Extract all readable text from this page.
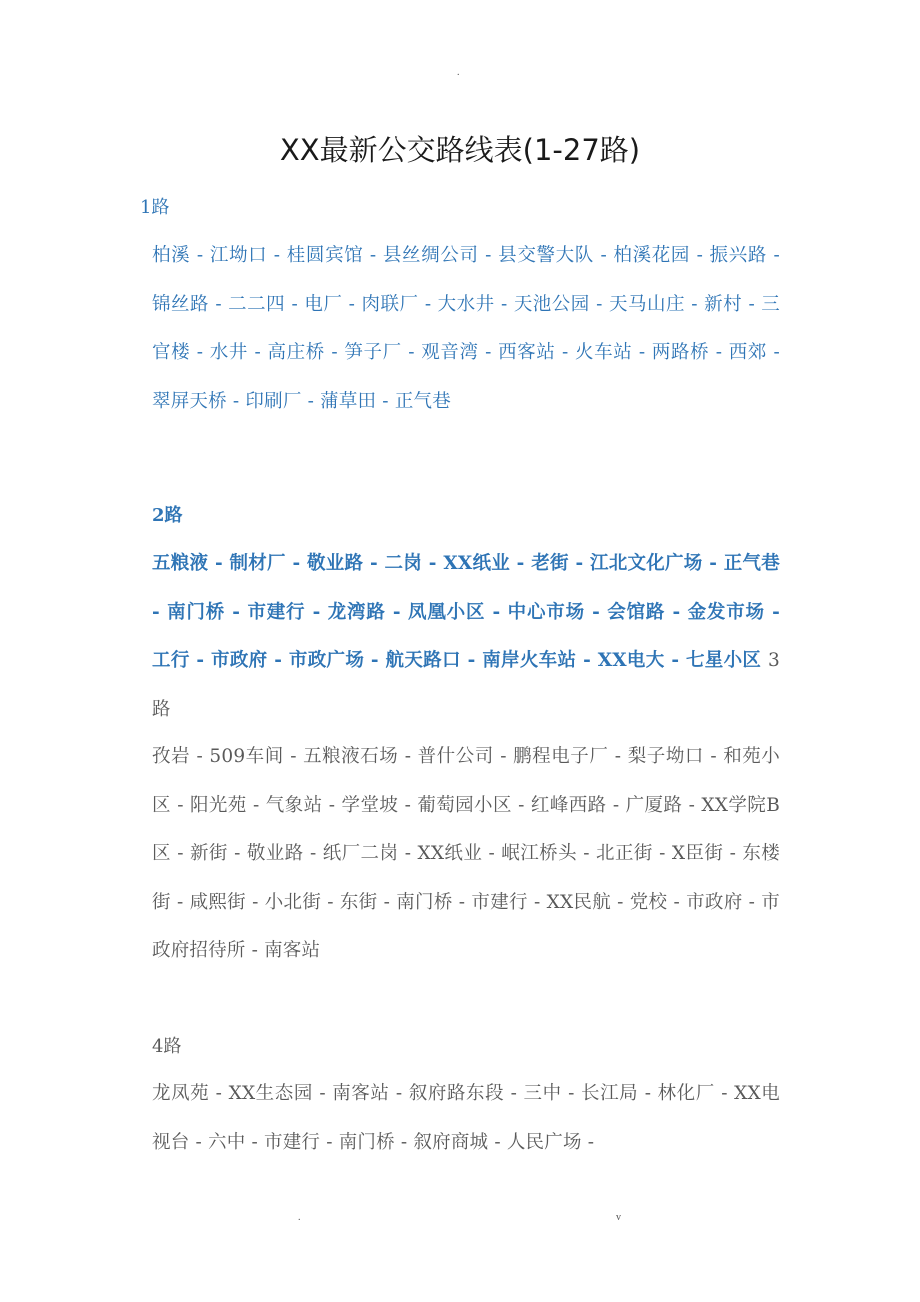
.
XX最新公交路线表(1-27路)
1路

柏溪 - 江坳口 - 桂圆宾馆 - 县丝绸公司 - 县交警大队 - 柏溪花园 - 振兴路 - 锦丝路 - 二二四 - 电厂 - 肉联厂 - 大水井 - 天池公园 - 天马山庄 - 新村 - 三官楼 - 水井 - 高庄桥 - 笋子厂 - 观音湾 - 西客站 - 火车站 - 两路桥 - 西郊 - 翠屏天桥 - 印刷厂 - 蒲草田 - 正气巷

2路

五粮液 - 制材厂 - 敬业路 - 二岗 - XX纸业 - 老街 - 江北文化广场 - 正气巷 - 南门桥 - 市建行 - 龙湾路 - 凤凰小区 - 中心市场 - 会馆路 - 金发市场 - 工行 - 市政府 - 市政广场 - 航天路口 - 南岸火车站 - XX电大 - 七星小区 3路

孜岩 - 509车间 - 五粮液石场 - 普什公司 - 鹏程电子厂 - 梨子坳口 - 和苑小区 - 阳光苑 - 气象站 - 学堂坡 - 葡萄园小区 - 红峰西路 - 广厦路 - XX学院B区 - 新街 - 敬业路 - 纸厂二岗 - XX纸业 - 岷江桥头 - 北正街 - X臣街 - 东楼街 - 咸熙街 - 小北街 - 东街 - 南门桥 - 市建行 - XX民航 - 党校 - 市政府 - 市政府招待所 - 南客站

4路

龙凤苑 - XX生态园 - 南客站 - 叙府路东段 - 三中 - 长江局 - 林化厂 - XX电视台 - 六中 - 市建行 - 南门桥 - 叙府商城 - 人民广场 -

.	v
